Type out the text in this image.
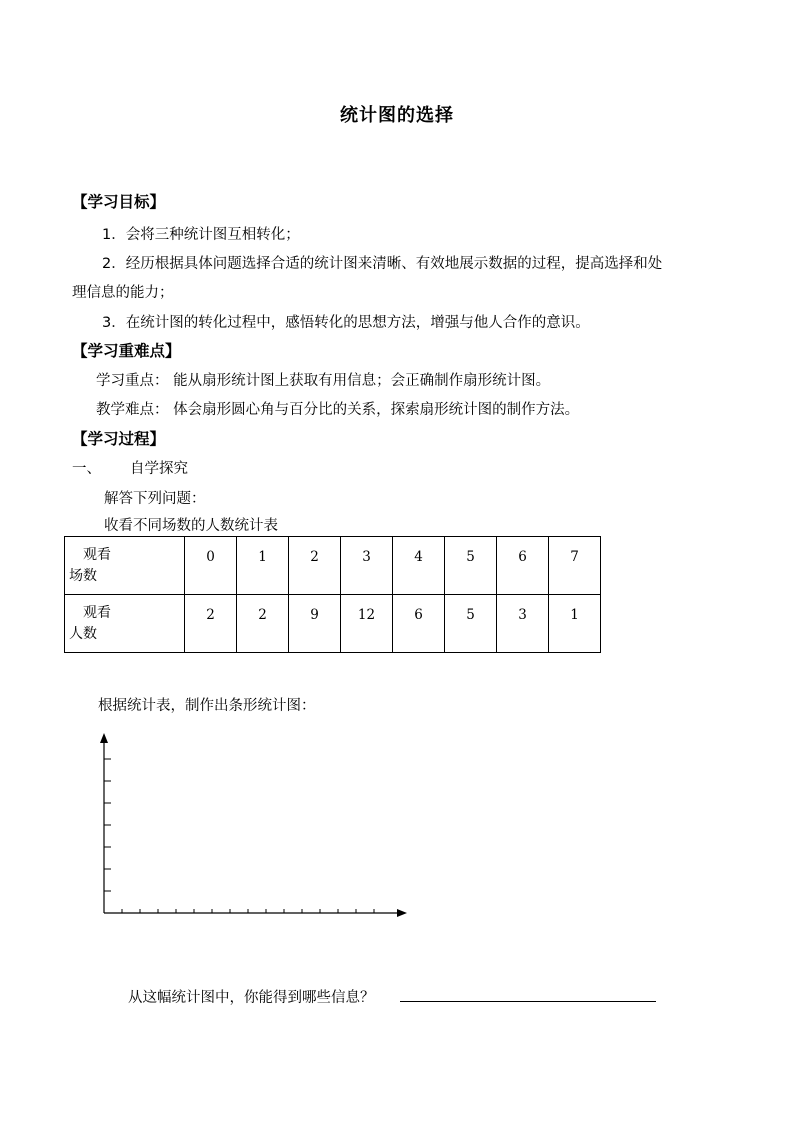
统计图的选择
【学习目标】
1．会将三种统计图互相转化；
2．经历根据具体问题选择合适的统计图来清晰、有效地展示数据的过程，提高选择和处
理信息的能力；
3．在统计图的转化过程中，感悟转化的思想方法，增强与他人合作的意识。
【学习重难点】
学习重点： 能从扇形统计图上获取有用信息；会正确制作扇形统计图。
教学难点： 体会扇形圆心角与百分比的关系，探索扇形统计图的制作方法。
【学习过程】
一、 自学探究
解答下列问题：
收看不同场数的人数统计表
观看
场数	0	1	2	3	4	5	6	7

观看
人数	2	2	9	12	6	5	3	1
根据统计表，制作出条形统计图：
从这幅统计图中，你能得到哪些信息？
